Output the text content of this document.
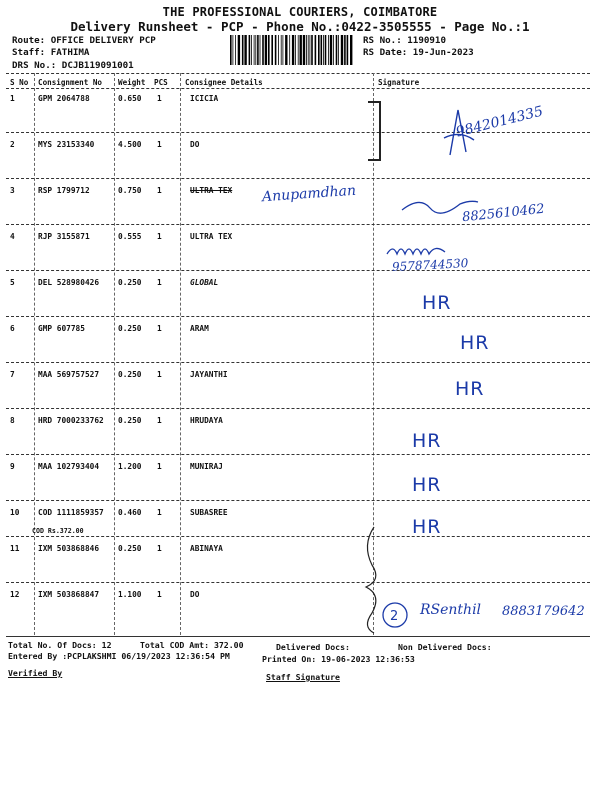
THE PROFESSIONAL COURIERS, COIMBATORE
Delivery Runsheet - PCP - Phone No.:0422-3505555 - Page No.:1
Route: OFFICE DELIVERY PCP
Staff: FATHIMA
DRS No.: DCJB119091001
RS No.: 1190910
RS Date: 19-Jun-2023
S No Consignment No Weight PCS Consignee Details	Signature
1	GPM 2064788	0.650 1	ICICIA
2	MYS 23153340	4.500 1	DO
3	RSP 1799712	0.750 1	ULTRA TEX
4	RJP 3155871	0.555 1	ULTRA TEX
5	DEL 528980426 0.250 1	GLOBAL
6	GMP 607785	0.250 1	ARAM
7	MAA 569757527 0.250 1	JAYANTHI
8	HRD 7000233762 0.250 1	HRUDAYA
9	MAA 102793404 1.200 1	MUNIRAJ
10 COD 1111859357 0.460 1	SUBASREE
COD Rs.372.00
11 IXM 503868846 0.250 1	ABINAYA
12 IXM 503868847 1.100 1	DO
9842014335
Anupamdhan
8825610462
9578744530
HR
HR
HR
HR
HR
HR
2 RSenthil 8883179642
Total No. Of Docs: 12	Total COD Amt: 372.00	Delivered Docs:	Non Delivered Docs:
Entered By :PCPLAKSHMI 06/19/2023 12:36:54 PM	Printed On: 19-06-2023 12:36:53
Verified By	Staff Signature
